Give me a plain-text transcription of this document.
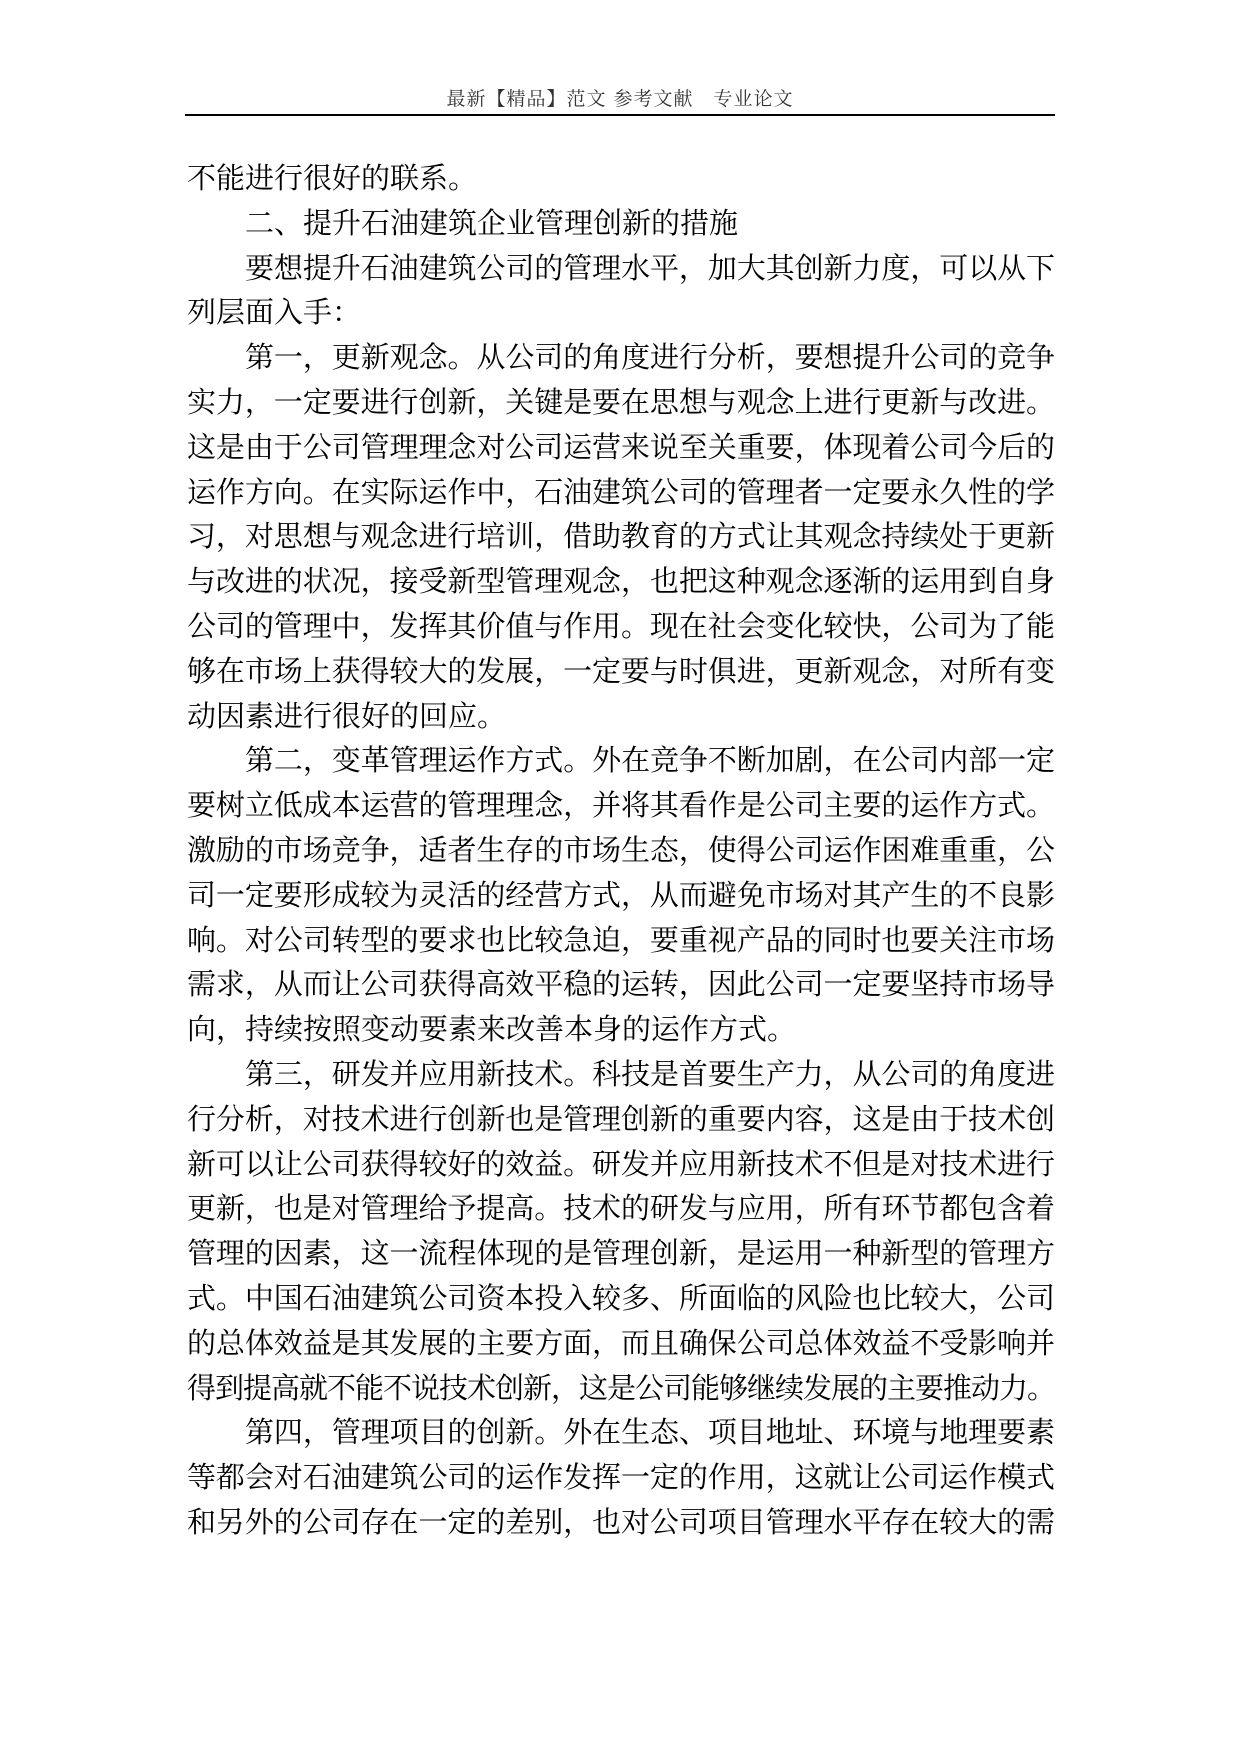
最新【精品】范文 参考文献　专业论文
不能进行很好的联系。
二、提升石油建筑企业管理创新的措施
要想提升石油建筑公司的管理水平，加大其创新力度，可以从下
列层面入手：
第一，更新观念。从公司的角度进行分析，要想提升公司的竞争
实力，一定要进行创新，关键是要在思想与观念上进行更新与改进。
这是由于公司管理理念对公司运营来说至关重要，体现着公司今后的
运作方向。在实际运作中，石油建筑公司的管理者一定要永久性的学
习，对思想与观念进行培训，借助教育的方式让其观念持续处于更新
与改进的状况，接受新型管理观念，也把这种观念逐渐的运用到自身
公司的管理中，发挥其价值与作用。现在社会变化较快，公司为了能
够在市场上获得较大的发展，一定要与时俱进，更新观念，对所有变
动因素进行很好的回应。
第二，变革管理运作方式。外在竞争不断加剧，在公司内部一定
要树立低成本运营的管理理念，并将其看作是公司主要的运作方式。
激励的市场竞争，适者生存的市场生态，使得公司运作困难重重，公
司一定要形成较为灵活的经营方式，从而避免市场对其产生的不良影
响。对公司转型的要求也比较急迫，要重视产品的同时也要关注市场
需求，从而让公司获得高效平稳的运转，因此公司一定要坚持市场导
向，持续按照变动要素来改善本身的运作方式。
第三，研发并应用新技术。科技是首要生产力，从公司的角度进
行分析，对技术进行创新也是管理创新的重要内容，这是由于技术创
新可以让公司获得较好的效益。研发并应用新技术不但是对技术进行
更新，也是对管理给予提高。技术的研发与应用，所有环节都包含着
管理的因素，这一流程体现的是管理创新，是运用一种新型的管理方
式。中国石油建筑公司资本投入较多、所面临的风险也比较大，公司
的总体效益是其发展的主要方面，而且确保公司总体效益不受影响并
得到提高就不能不说技术创新，这是公司能够继续发展的主要推动力。
第四，管理项目的创新。外在生态、项目地址、环境与地理要素
等都会对石油建筑公司的运作发挥一定的作用，这就让公司运作模式
和另外的公司存在一定的差别，也对公司项目管理水平存在较大的需
